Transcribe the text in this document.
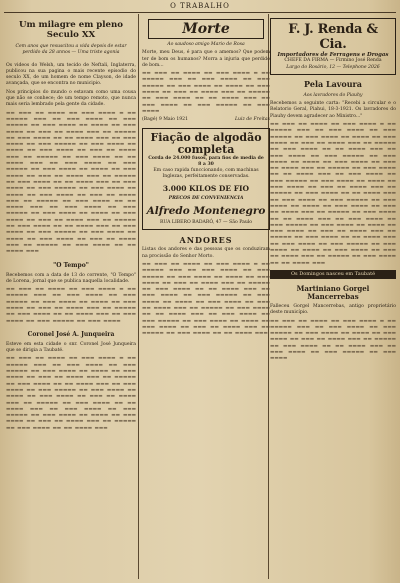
O TRABALHO
Um milagre em pleno Seculo XX
Cem anos que resuscitou a vida depois de estar perdido da 28 annos — Uma triste agonia

Os videos do Welsh, um tecido de Neftali, Inglaterra, publicou na sua pagina o mais recente episodio do seculo XX, de um homem de nome Clayson, de idade avançada, que se encontra no municipio.

Nos principios do mundo o estavam como uma cousa que não se conhece; de um tempo remoto, que nunca mais seria lembrado pela gente da cidade.

▬▬ ▬▬▬ ▬▬ ▬▬▬▬ ▬▬ ▬▬▬ ▬▬▬▬ ▬ ▬▬ ▬▬▬▬▬ ▬▬▬ ▬▬ ▬▬▬ ▬▬▬▬ ▬▬ ▬▬▬ ▬▬▬▬▬ ▬▬ ▬▬▬ ▬▬▬▬ ▬▬ ▬▬▬▬ ▬▬ ▬▬▬ ▬▬▬▬ ▬▬ ▬▬▬ ▬▬ ▬▬▬▬ ▬▬▬ ▬▬ ▬▬▬▬▬ ▬▬ ▬▬▬ ▬▬▬▬ ▬▬ ▬▬ ▬▬▬▬ ▬▬▬ ▬▬ ▬▬▬ ▬▬▬▬ ▬▬ ▬▬▬ ▬▬▬▬▬ ▬▬ ▬▬▬ ▬▬▬▬ ▬▬ ▬▬▬▬ ▬▬ ▬▬▬ ▬▬▬▬ ▬▬ ▬▬▬ ▬▬ ▬▬▬▬ ▬▬▬ ▬▬ ▬▬▬▬▬ ▬▬ ▬▬▬ ▬▬▬▬ ▬▬ ▬▬ ▬▬▬▬ ▬▬▬ ▬▬ ▬▬▬ ▬▬▬▬ ▬▬ ▬▬▬ ▬▬▬▬▬ ▬▬ ▬▬▬ ▬▬▬▬ ▬▬ ▬▬▬▬ ▬▬ ▬▬▬ ▬▬▬▬ ▬▬ ▬▬▬ ▬▬ ▬▬▬▬ ▬▬▬ ▬▬ ▬▬▬▬▬ ▬▬ ▬▬▬ ▬▬▬▬ ▬▬ ▬▬ ▬▬▬▬ ▬▬▬ ▬▬ ▬▬▬ ▬▬▬▬ ▬▬ ▬▬▬ ▬▬▬▬▬ ▬▬ ▬▬▬ ▬▬▬▬ ▬▬ ▬▬▬▬ ▬▬ ▬▬▬ ▬▬▬▬ ▬▬ ▬▬▬ ▬▬ ▬▬▬▬ ▬▬▬ ▬▬ ▬▬▬▬▬ ▬▬ ▬▬▬ ▬▬▬▬ ▬▬ ▬▬ ▬▬▬▬ ▬▬▬ ▬▬ ▬▬▬ ▬▬▬▬ ▬▬ ▬▬▬ ▬▬▬▬▬ ▬▬ ▬▬▬ ▬▬▬▬ ▬▬ ▬▬▬▬ ▬▬ ▬▬▬ ▬▬▬▬ ▬▬ ▬▬▬ ▬▬ ▬▬▬▬ ▬▬▬ ▬▬ ▬▬▬▬▬ ▬▬ ▬▬▬ ▬▬▬▬ ▬▬ ▬▬ ▬▬▬▬ ▬▬▬ ▬▬ ▬▬▬ ▬▬▬▬ ▬▬ ▬▬▬ ▬▬▬▬▬ ▬▬ ▬▬▬ ▬▬▬▬ ▬▬ ▬▬▬▬ ▬▬ ▬▬▬ ▬▬▬▬ ▬▬ ▬▬▬ ▬▬ ▬▬▬▬ ▬▬▬ ▬▬ ▬▬▬▬▬ ▬▬ ▬▬▬ ▬▬▬▬ ▬▬ ▬▬ ▬▬▬▬ ▬▬▬

"O Tempo"

Recebemos com a data de 13 do corrente, "O Tempo" de Lorena, jornal que se publica naquella localidade.

▬▬ ▬▬▬ ▬▬ ▬▬▬▬ ▬▬ ▬▬▬ ▬▬▬▬ ▬ ▬▬ ▬▬▬▬▬ ▬▬▬ ▬▬ ▬▬▬ ▬▬▬▬ ▬▬ ▬▬▬ ▬▬▬▬▬ ▬▬ ▬▬▬ ▬▬▬▬ ▬▬ ▬▬▬▬ ▬▬ ▬▬▬ ▬▬▬▬ ▬▬ ▬▬▬ ▬▬ ▬▬▬▬ ▬▬▬ ▬▬ ▬▬▬▬▬ ▬▬ ▬▬▬ ▬▬▬▬ ▬▬ ▬▬ ▬▬▬▬ ▬▬▬ ▬▬ ▬▬▬ ▬▬▬▬ ▬▬ ▬▬▬ ▬▬▬▬▬ ▬▬ ▬▬▬ ▬▬▬▬

Coronel José A. Junqueira

Esteve em esta cidade o snr. Coronel José Junqueira que se dirigia a Taubaté.

▬▬ ▬▬▬ ▬▬ ▬▬▬▬ ▬▬ ▬▬▬ ▬▬▬▬ ▬ ▬▬ ▬▬▬▬▬ ▬▬▬ ▬▬ ▬▬▬ ▬▬▬▬ ▬▬ ▬▬▬ ▬▬▬▬▬ ▬▬ ▬▬▬ ▬▬▬▬ ▬▬ ▬▬▬▬ ▬▬ ▬▬▬ ▬▬▬▬ ▬▬ ▬▬▬ ▬▬ ▬▬▬▬ ▬▬▬ ▬▬ ▬▬▬▬▬ ▬▬ ▬▬▬ ▬▬▬▬ ▬▬ ▬▬ ▬▬▬▬ ▬▬▬ ▬▬ ▬▬▬ ▬▬▬▬ ▬▬ ▬▬▬ ▬▬▬▬▬ ▬▬ ▬▬▬ ▬▬▬▬ ▬▬ ▬▬▬▬ ▬▬ ▬▬▬ ▬▬▬▬ ▬▬ ▬▬▬ ▬▬ ▬▬▬▬ ▬▬▬ ▬▬ ▬▬▬▬▬ ▬▬ ▬▬▬ ▬▬▬▬ ▬▬ ▬▬ ▬▬▬▬ ▬▬▬ ▬▬ ▬▬▬ ▬▬▬▬ ▬▬ ▬▬▬ ▬▬▬▬▬ ▬▬ ▬▬▬ ▬▬▬▬ ▬▬ ▬▬▬▬ ▬▬ ▬▬▬ ▬▬▬▬ ▬▬ ▬▬▬ ▬▬ ▬▬▬▬ ▬▬▬ ▬▬ ▬▬▬▬▬ ▬▬ ▬▬▬ ▬▬▬▬ ▬▬ ▬▬ ▬▬▬▬ ▬▬▬

Morte
Ao saudoso amigo Mario de Rosa

Morte, meu Deus, é para que o amemos? Que podem ter de bom os humanos? Morra a injuria que perdido de bom...

▬▬ ▬▬▬ ▬▬ ▬▬▬▬ ▬▬ ▬▬▬ ▬▬▬▬ ▬ ▬▬ ▬▬▬▬▬ ▬▬▬ ▬▬ ▬▬▬ ▬▬▬▬ ▬▬ ▬▬▬ ▬▬▬▬▬ ▬▬ ▬▬▬ ▬▬▬▬ ▬▬ ▬▬▬▬ ▬▬ ▬▬▬ ▬▬▬▬ ▬▬ ▬▬▬ ▬▬ ▬▬▬▬ ▬▬▬ ▬▬ ▬▬▬▬▬ ▬▬ ▬▬▬ ▬▬▬▬ ▬▬ ▬▬ ▬▬▬▬ ▬▬▬ ▬▬ ▬▬▬ ▬▬▬▬ ▬▬ ▬▬▬ ▬▬▬▬▬ ▬▬ ▬▬▬ ▬▬▬▬

(Bagé) 9 Maio 1921	Luiz de Freitas
Fiação de algodão
completa
Corda de 24.000 fusos, para fios de media de 8 a 30
Em caso rapida funccionando, com machinas Inglezas, perfeitamente conservadas.
3.000 KILOS DE FIO
PRECOS DE CONVENIENCIA
Alfredo Montenegro
RUA LIBERO BADARÓ, 47 — São Paulo
ANDORES

Listas dos andores e das pessoas que os conduziram na procissão do Senhor Morto.

▬▬ ▬▬▬ ▬▬ ▬▬▬▬ ▬▬ ▬▬▬ ▬▬▬▬ ▬ ▬▬ ▬▬▬▬▬ ▬▬▬ ▬▬ ▬▬▬ ▬▬▬▬ ▬▬ ▬▬▬ ▬▬▬▬▬ ▬▬ ▬▬▬ ▬▬▬▬ ▬▬ ▬▬▬▬ ▬▬ ▬▬▬ ▬▬▬▬ ▬▬ ▬▬▬ ▬▬ ▬▬▬▬ ▬▬▬ ▬▬ ▬▬▬▬▬ ▬▬ ▬▬▬ ▬▬▬▬ ▬▬ ▬▬ ▬▬▬▬ ▬▬▬ ▬▬ ▬▬▬ ▬▬▬▬ ▬▬ ▬▬▬ ▬▬▬▬▬ ▬▬ ▬▬▬ ▬▬▬▬ ▬▬ ▬▬▬▬ ▬▬ ▬▬▬ ▬▬▬▬ ▬▬ ▬▬▬ ▬▬ ▬▬▬▬ ▬▬▬ ▬▬ ▬▬▬▬▬ ▬▬ ▬▬▬ ▬▬▬▬ ▬▬ ▬▬ ▬▬▬▬ ▬▬▬ ▬▬ ▬▬▬ ▬▬▬▬ ▬▬ ▬▬▬ ▬▬▬▬▬ ▬▬ ▬▬▬ ▬▬▬▬ ▬▬ ▬▬▬▬ ▬▬ ▬▬▬ ▬▬▬▬ ▬▬ ▬▬▬ ▬▬ ▬▬▬▬ ▬▬▬ ▬▬ ▬▬▬▬▬ ▬▬ ▬▬▬ ▬▬▬▬ ▬▬ ▬▬ ▬▬▬▬ ▬▬▬

F. J. Renda & Cia.
Importadores de Ferragens e Drogas
CHEFE DA FIRMA — Firmino José Renda
Largo do Rosário, 12 — Telephone 2026
Pela Lavoura
Aos lavradores do Piauhy

Recebemos a seguinte carta: "Recebi a circular e o Relatorio Geral, Piahui, 18-3-1921. Os lavradores do Piauhy devem agradecer ao Ministro..."

▬▬ ▬▬▬ ▬▬ ▬▬▬▬ ▬▬ ▬▬▬ ▬▬▬▬ ▬ ▬▬ ▬▬▬▬▬ ▬▬▬ ▬▬ ▬▬▬ ▬▬▬▬ ▬▬ ▬▬▬ ▬▬▬▬▬ ▬▬ ▬▬▬ ▬▬▬▬ ▬▬ ▬▬▬▬ ▬▬ ▬▬▬ ▬▬▬▬ ▬▬ ▬▬▬ ▬▬ ▬▬▬▬ ▬▬▬ ▬▬ ▬▬▬▬▬ ▬▬ ▬▬▬ ▬▬▬▬ ▬▬ ▬▬ ▬▬▬▬ ▬▬▬ ▬▬ ▬▬▬ ▬▬▬▬ ▬▬ ▬▬▬ ▬▬▬▬▬ ▬▬ ▬▬▬ ▬▬▬▬ ▬▬ ▬▬▬▬ ▬▬ ▬▬▬ ▬▬▬▬ ▬▬ ▬▬▬ ▬▬ ▬▬▬▬ ▬▬▬ ▬▬ ▬▬▬▬▬ ▬▬ ▬▬▬ ▬▬▬▬ ▬▬ ▬▬ ▬▬▬▬ ▬▬▬ ▬▬ ▬▬▬ ▬▬▬▬ ▬▬ ▬▬▬ ▬▬▬▬▬ ▬▬ ▬▬▬ ▬▬▬▬ ▬▬ ▬▬▬▬ ▬▬ ▬▬▬ ▬▬▬▬ ▬▬ ▬▬▬ ▬▬ ▬▬▬▬ ▬▬▬ ▬▬ ▬▬▬▬▬ ▬▬ ▬▬▬ ▬▬▬▬ ▬▬ ▬▬ ▬▬▬▬ ▬▬▬ ▬▬ ▬▬▬ ▬▬▬▬ ▬▬ ▬▬▬ ▬▬▬▬▬ ▬▬ ▬▬▬ ▬▬▬▬ ▬▬ ▬▬▬▬ ▬▬ ▬▬▬ ▬▬▬▬ ▬▬ ▬▬▬ ▬▬ ▬▬▬▬ ▬▬▬ ▬▬ ▬▬▬▬▬ ▬▬ ▬▬▬ ▬▬▬▬ ▬▬ ▬▬ ▬▬▬▬ ▬▬▬ ▬▬ ▬▬▬ ▬▬▬▬ ▬▬ ▬▬▬ ▬▬▬▬▬ ▬▬ ▬▬▬ ▬▬▬▬ ▬▬ ▬▬▬▬ ▬▬ ▬▬▬ ▬▬▬▬ ▬▬ ▬▬▬ ▬▬ ▬▬▬▬ ▬▬▬ ▬▬ ▬▬▬▬▬ ▬▬ ▬▬▬ ▬▬▬▬ ▬▬ ▬▬ ▬▬▬▬ ▬▬▬ ▬▬ ▬▬▬ ▬▬▬▬ ▬▬ ▬▬▬ ▬▬▬▬▬ ▬▬ ▬▬▬ ▬▬▬▬ ▬▬ ▬▬▬▬ ▬▬ ▬▬▬ ▬▬▬▬ ▬▬ ▬▬▬ ▬▬ ▬▬▬▬ ▬▬▬ ▬▬ ▬▬▬▬▬ ▬▬ ▬▬▬ ▬▬▬▬ ▬▬ ▬▬ ▬▬▬▬ ▬▬▬

Os Domingos nasceu em Taubaté
Martiniano Gorgel Mancerrebas

Falleceu Gorgel Mancerrebas, antigo proprietário deste município.

▬▬ ▬▬▬ ▬▬ ▬▬▬▬ ▬▬ ▬▬▬ ▬▬▬▬ ▬ ▬▬ ▬▬▬▬▬ ▬▬▬ ▬▬ ▬▬▬ ▬▬▬▬ ▬▬ ▬▬▬ ▬▬▬▬▬ ▬▬ ▬▬▬ ▬▬▬▬ ▬▬ ▬▬▬▬ ▬▬ ▬▬▬ ▬▬▬▬ ▬▬ ▬▬▬ ▬▬ ▬▬▬▬ ▬▬▬ ▬▬ ▬▬▬▬▬ ▬▬ ▬▬▬ ▬▬▬▬ ▬▬ ▬▬ ▬▬▬▬ ▬▬▬ ▬▬ ▬▬▬ ▬▬▬▬ ▬▬ ▬▬▬ ▬▬▬▬▬ ▬▬ ▬▬▬ ▬▬▬▬
